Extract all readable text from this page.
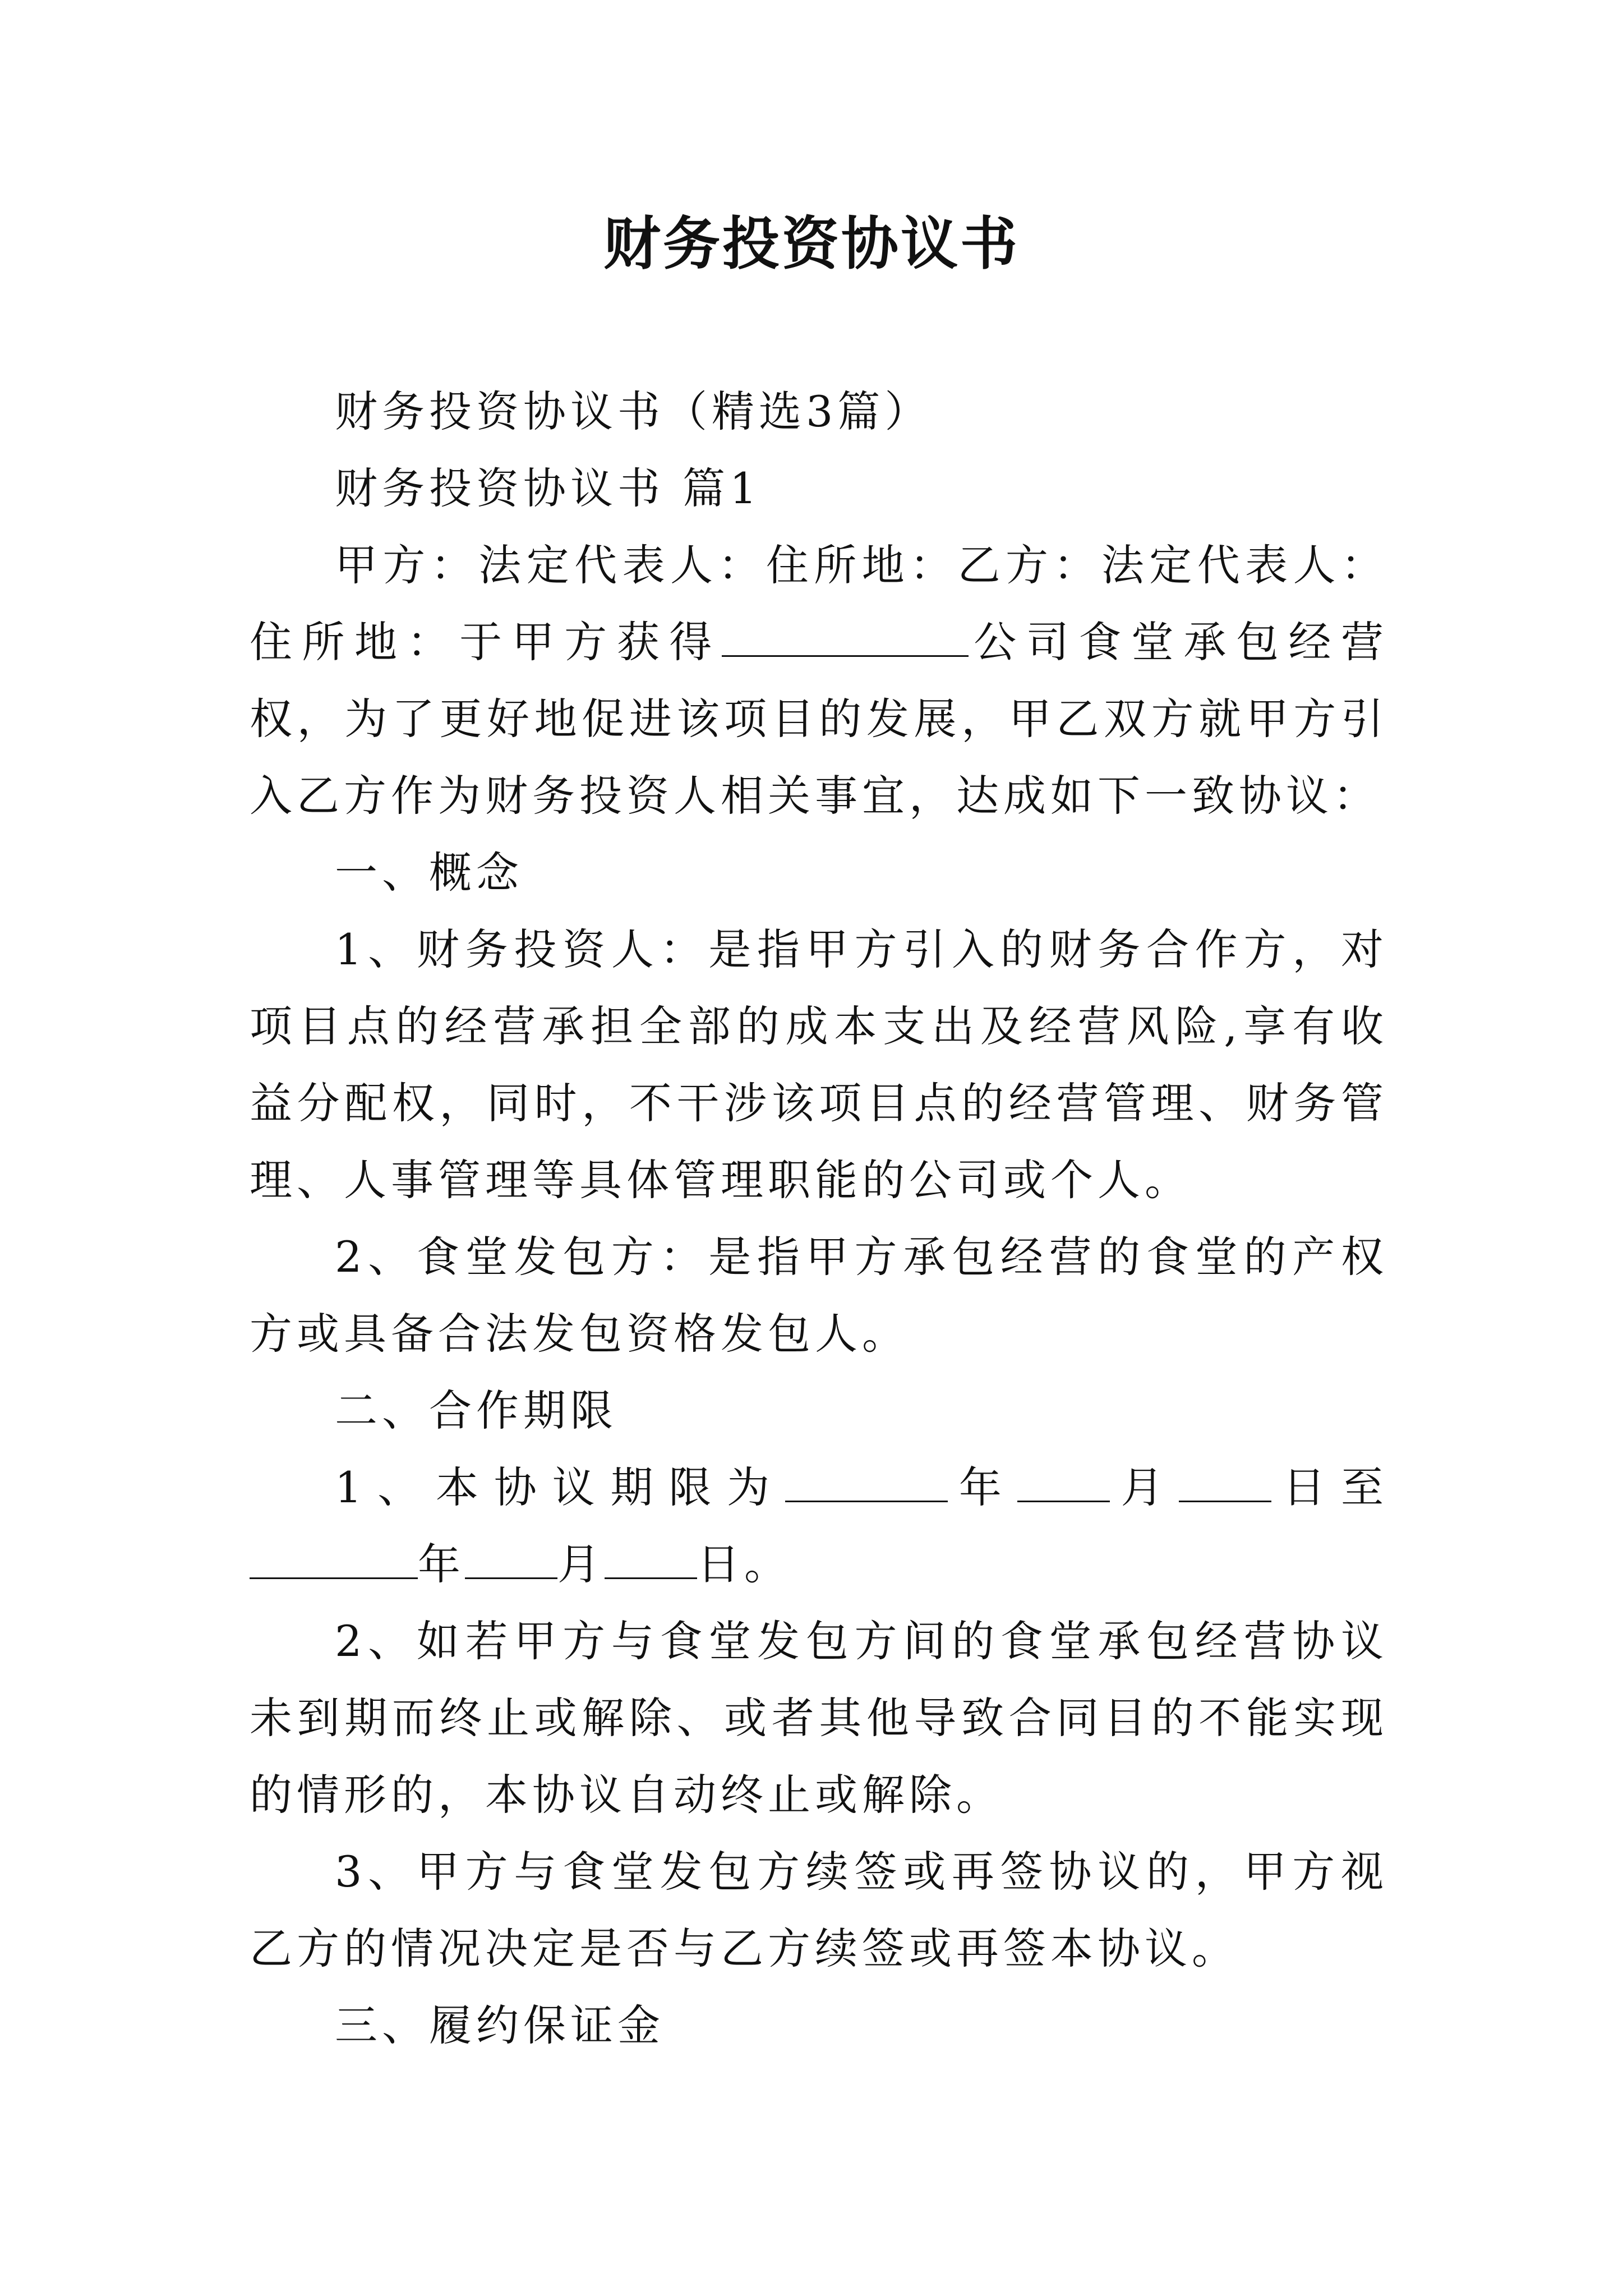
财务投资协议书

财务投资协议书（精选3篇）

财务投资协议书 篇1

甲方：法定代表人：住所地：乙方：法定代表人：住所地：于甲方获得	公司食堂承包经营权，为了更好地促进该项目的发展，甲乙双方就甲方引入乙方作为财务投资人相关事宜，达成如下一致协议：

一、概念

1、财务投资人：是指甲方引入的财务合作方，对项目点的经营承担全部的成本支出及经营风险,享有收益分配权，同时，不干涉该项目点的经营管理、财务管理、人事管理等具体管理职能的公司或个人。

2、食堂发包方：是指甲方承包经营的食堂的产权方或具备合法发包资格发包人。

二、合作期限

1、本协议期限为	年 月 日至年 月 日。

2、如若甲方与食堂发包方间的食堂承包经营协议未到期而终止或解除、或者其他导致合同目的不能实现的情形的，本协议自动终止或解除。

3、甲方与食堂发包方续签或再签协议的，甲方视乙方的情况决定是否与乙方续签或再签本协议。

三、履约保证金
